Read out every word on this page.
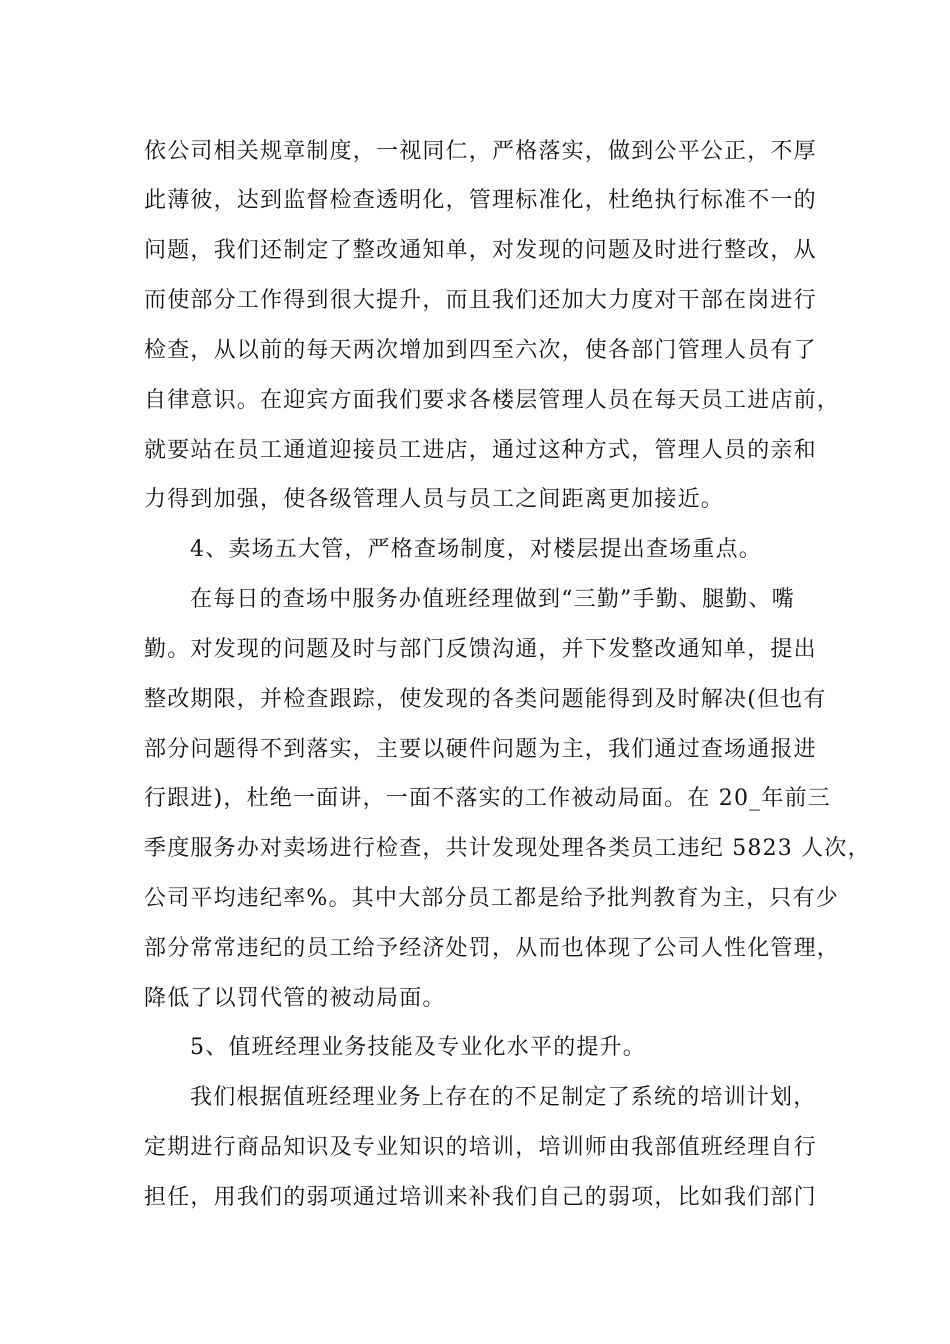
依公司相关规章制度，一视同仁，严格落实，做到公平公正，不厚
此薄彼，达到监督检查透明化，管理标准化，杜绝执行标准不一的
问题，我们还制定了整改通知单，对发现的问题及时进行整改，从
而使部分工作得到很大提升，而且我们还加大力度对干部在岗进行
检查，从以前的每天两次增加到四至六次，使各部门管理人员有了
自律意识。在迎宾方面我们要求各楼层管理人员在每天员工进店前，
就要站在员工通道迎接员工进店，通过这种方式，管理人员的亲和
力得到加强，使各级管理人员与员工之间距离更加接近。
4、卖场五大管，严格查场制度，对楼层提出查场重点。
在每日的查场中服务办值班经理做到“三勤”手勤、腿勤、嘴
勤。对发现的问题及时与部门反馈沟通，并下发整改通知单，提出
整改期限，并检查跟踪，使发现的各类问题能得到及时解决(但也有
部分问题得不到落实，主要以硬件问题为主，我们通过查场通报进
行跟进)，杜绝一面讲，一面不落实的工作被动局面。在 20_年前三
季度服务办对卖场进行检查，共计发现处理各类员工违纪 5823 人次，
公司平均违纪率%。其中大部分员工都是给予批判教育为主，只有少
部分常常违纪的员工给予经济处罚，从而也体现了公司人性化管理，
降低了以罚代管的被动局面。
5、值班经理业务技能及专业化水平的提升。
我们根据值班经理业务上存在的不足制定了系统的培训计划，
定期进行商品知识及专业知识的培训，培训师由我部值班经理自行
担任，用我们的弱项通过培训来补我们自己的弱项，比如我们部门
